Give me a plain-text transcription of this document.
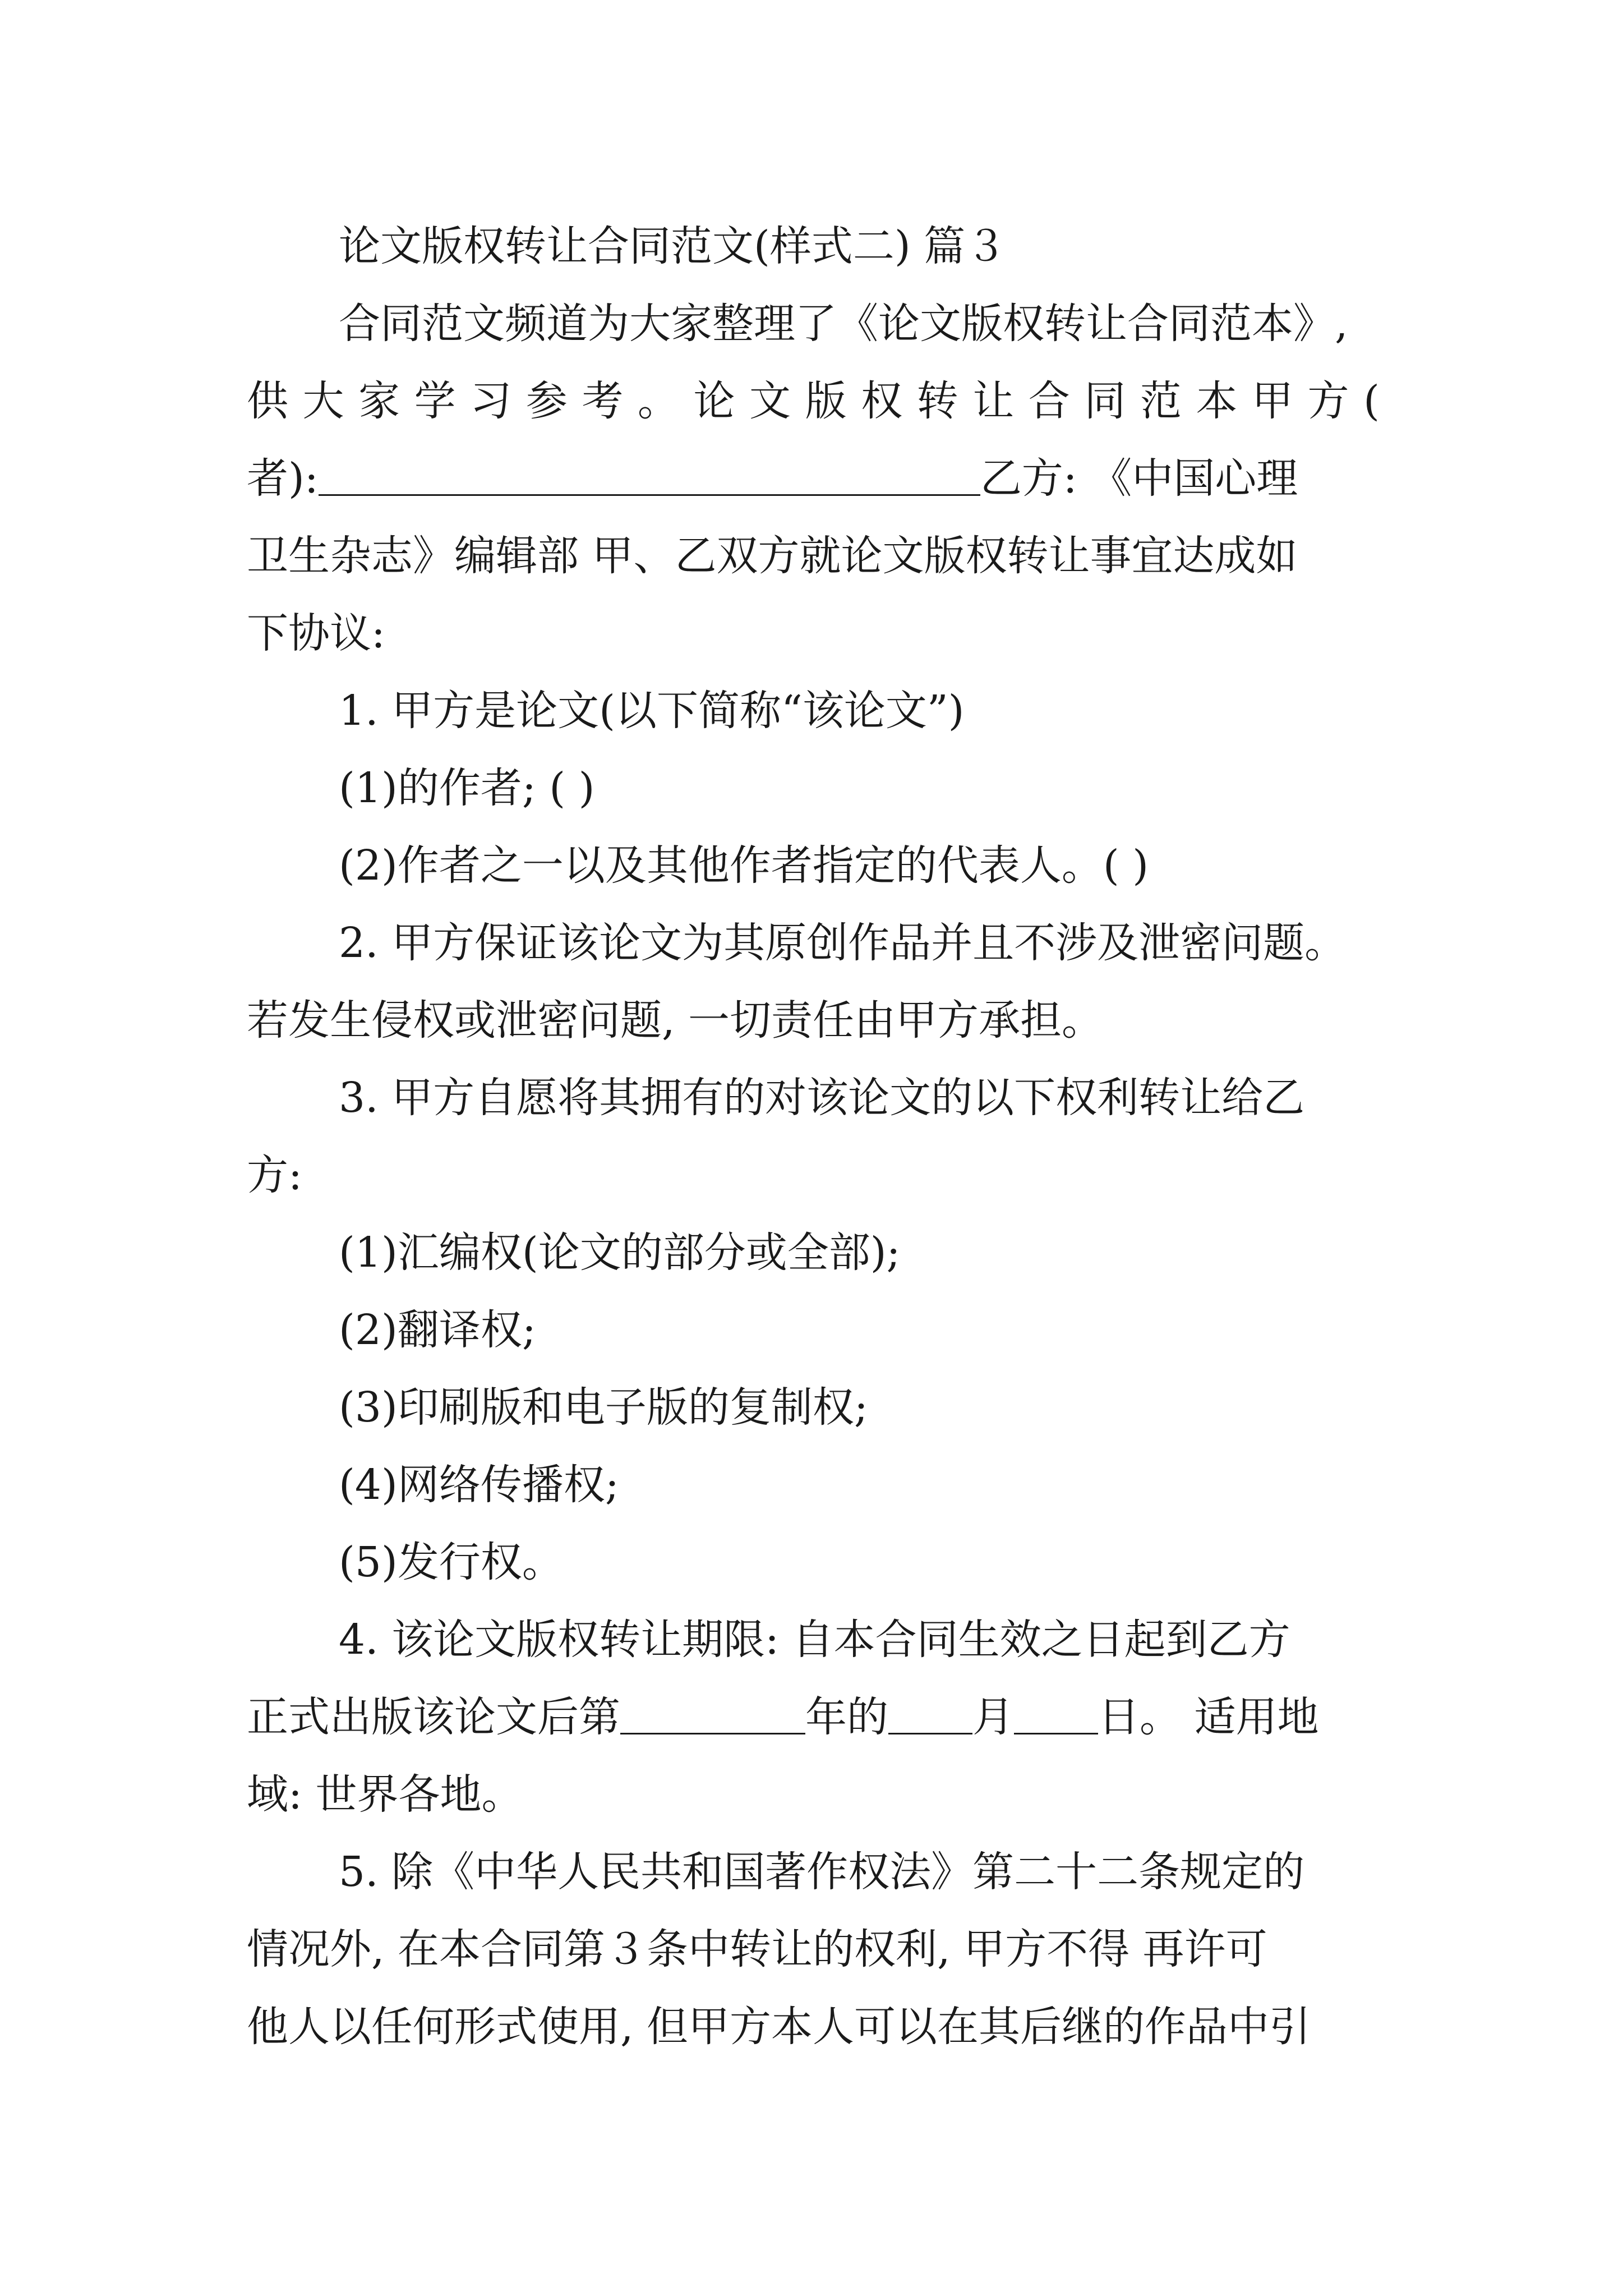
论文版权转让合同范文(样式二) 篇３
合同范文频道为大家整理了《论文版权转让合同范本》,
供 大 家 学 习 参 考 。 论 文 版 权 转 让 合 同 范 本 甲 方 (
者):	乙方: 《中国心理
卫生杂志》编辑部 甲、乙双方就论文版权转让事宜达成如
下协议:
1. 甲方是论文(以下简称“该论文”)
(1)的作者; ( )
(2)作者之一以及其他作者指定的代表人。( )
2. 甲方保证该论文为其原创作品并且不涉及泄密问题。
若发生侵权或泄密问题, 一切责任由甲方承担。
3. 甲方自愿将其拥有的对该论文的以下权利转让给乙
方:
(1)汇编权(论文的部分或全部);
(2)翻译权;
(3)印刷版和电子版的复制权;
(4)网络传播权;
(5)发行权。
4. 该论文版权转让期限: 自本合同生效之日起到乙方
正式出版该论文后第	年的 月 日。 适用地
域: 世界各地。
5. 除《中华人民共和国著作权法》第二十二条规定的
情况外, 在本合同第３条中转让的权利, 甲方不得 再许可
他人以任何形式使用, 但甲方本人可以在其后继的作品中引
